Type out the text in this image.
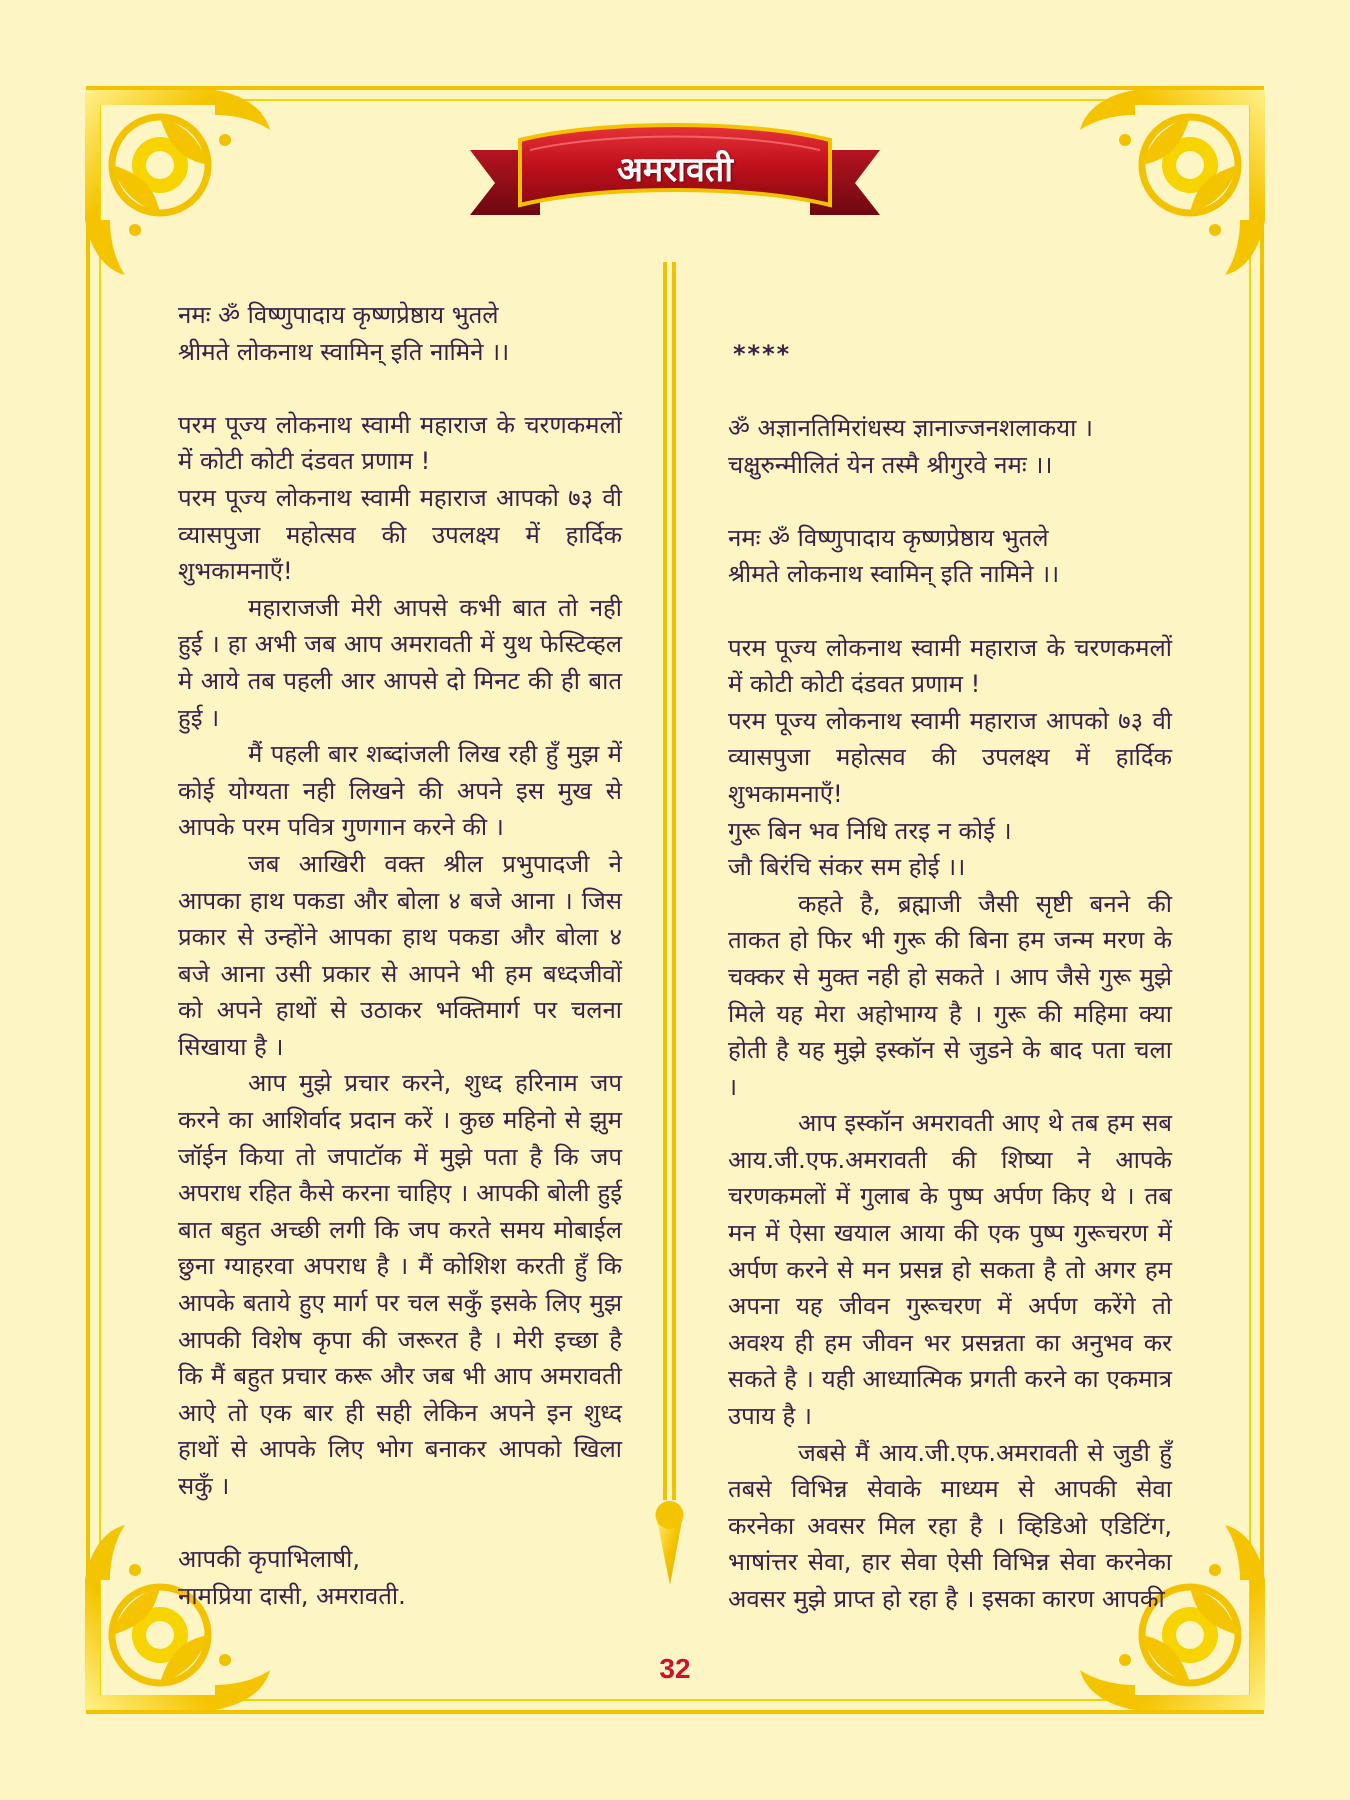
अमरावती

नमः ॐ विष्णुपादाय कृष्णप्रेष्ठाय भुतले

श्रीमते लोकनाथ स्वामिन् इति नामिने ।।

परम पूज्य लोकनाथ स्वामी महाराज के चरणकमलों में कोटी कोटी दंडवत प्रणाम !

परम पूज्य लोकनाथ स्वामी महाराज आपको ७३ वी व्यासपुजा महोत्सव की उपलक्ष्य में हार्दिक शुभकामनाएँ!

महाराजजी मेरी आपसे कभी बात तो नही हुई । हा अभी जब आप अमरावती में युथ फेस्टिव्हल मे आये तब पहली आर आपसे दो मिनट की ही बात हुई ।

मैं पहली बार शब्दांजली लिख रही हुँ मुझ में कोई योग्यता नही लिखने की अपने इस मुख से आपके परम पवित्र गुणगान करने की ।

जब आखिरी वक्त श्रील प्रभुपादजी ने आपका हाथ पकडा और बोला ४ बजे आना । जिस प्रकार से उन्होंने आपका हाथ पकडा और बोला ४ बजे आना उसी प्रकार से आपने भी हम बध्दजीवों को अपने हाथों से उठाकर भक्तिमार्ग पर चलना सिखाया है ।

आप मुझे प्रचार करने, शुध्द हरिनाम जप करने का आशिर्वाद प्रदान करें । कुछ महिनो से झुम जॉईन किया तो जपाटॉक में मुझे पता है कि जप अपराध रहित कैसे करना चाहिए । आपकी बोली हुई बात बहुत अच्छी लगी कि जप करते समय मोबाईल छुना ग्याहरवा अपराध है । मैं कोशिश करती हुँ कि आपके बताये हुए मार्ग पर चल सकुँ इसके लिए मुझ आपकी विशेष कृपा की जरूरत है । मेरी इच्छा है कि मैं बहुत प्रचार करू और जब भी आप अमरावती आऐ तो एक बार ही सही लेकिन अपने इन शुध्द हाथों से आपके लिए भोग बनाकर आपको खिला सकुँ ।

आपकी कृपाभिलाषी,

नामप्रिया दासी, अमरावती.

****

ॐ अज्ञानतिमिरांधस्य ज्ञानाज्जनशलाकया ।

चक्षुरुन्मीलितं येन तस्मै श्रीगुरवे नमः ।।

नमः ॐ विष्णुपादाय कृष्णप्रेष्ठाय भुतले

श्रीमते लोकनाथ स्वामिन् इति नामिने ।।

परम पूज्य लोकनाथ स्वामी महाराज के चरणकमलों में कोटी कोटी दंडवत प्रणाम !

परम पूज्य लोकनाथ स्वामी महाराज आपको ७३ वी व्यासपुजा महोत्सव की उपलक्ष्य में हार्दिक शुभकामनाएँ!

गुरू बिन भव निधि तरइ न कोई ।

जौ बिरंचि संकर सम होई ।।

कहते है, ब्रह्माजी जैसी सृष्टी बनने की ताकत हो फिर भी गुरू की बिना हम जन्म मरण के चक्कर से मुक्त नही हो सकते । आप जैसे गुरू मुझे मिले यह मेरा अहोभाग्य है । गुरू की महिमा क्या होती है यह मुझे इस्कॉन से जुडने के बाद पता चला ।

आप इस्कॉन अमरावती आए थे तब हम सब आय.जी.एफ.अमरावती की शिष्या ने आपके चरणकमलों में गुलाब के पुष्प अर्पण किए थे । तब मन में ऐसा खयाल आया की एक पुष्प गुरूचरण में अर्पण करने से मन प्रसन्न हो सकता है तो अगर हम अपना यह जीवन गुरूचरण में अर्पण करेंगे तो अवश्य ही हम जीवन भर प्रसन्नता का अनुभव कर सकते है । यही आध्यात्मिक प्रगती करने का एकमात्र उपाय है ।

जबसे मैं आय.जी.एफ.अमरावती से जुडी हुँ तबसे विभिन्न सेवाके माध्यम से आपकी सेवा करनेका अवसर मिल रहा है । व्हिडिओ एडिटिंग, भाषांत्तर सेवा, हार सेवा ऐसी विभिन्न सेवा करनेका अवसर मुझे प्राप्त हो रहा है । इसका कारण आपकी

32
